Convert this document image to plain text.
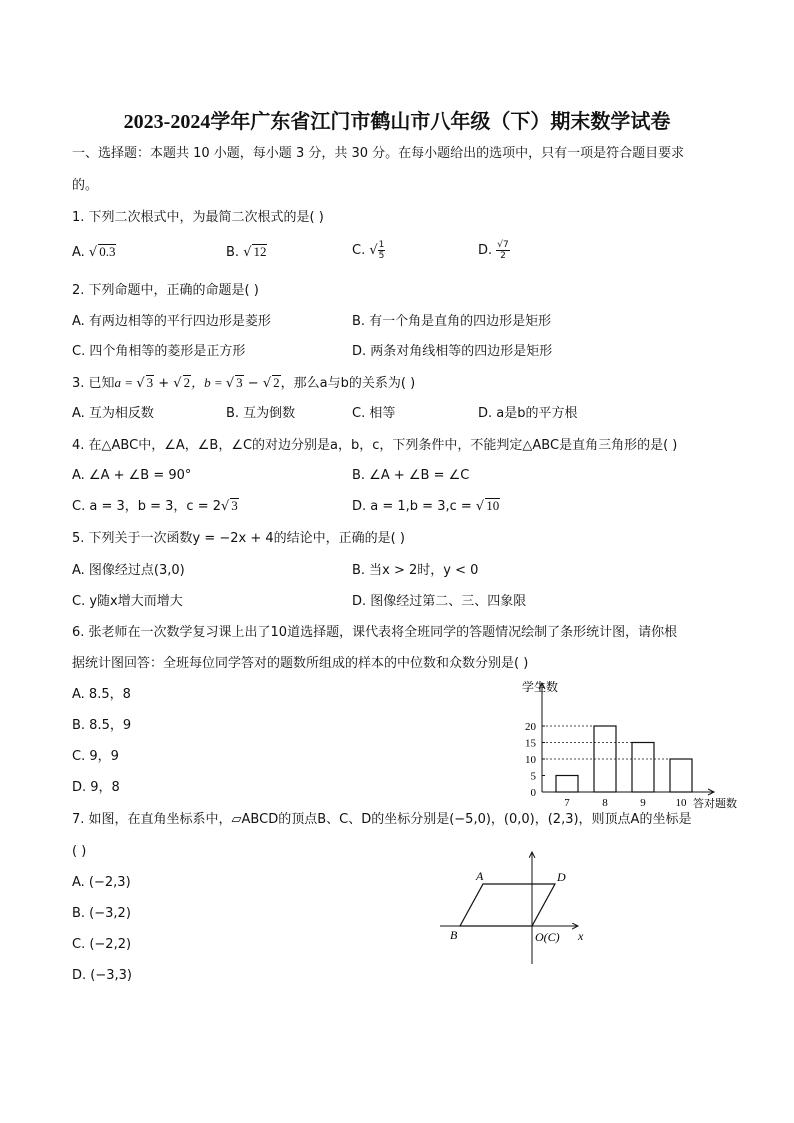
2023-2024学年广东省江门市鹤山市八年级（下）期末数学试卷
一、选择题：本题共 10 小题，每小题 3 分，共 30 分。在每小题给出的选项中，只有一项是符合题目要求
的。
1. 下列二次根式中，为最简二次根式的是( )
A. √ 0.3	B. √ 12	C. √ $\frac{1}{5}$	D. $\frac{√7}{2}$
2. 下列命题中，正确的命题是( )
A. 有两边相等的平行四边形是菱形	B. 有一个角是直角的四边形是矩形
C. 四个角相等的菱形是正方形	D. 两条对角线相等的四边形是矩形
3. 已知a = √ 3 + √ 2，b = √ 3 − √ 2，那么a与b的关系为( )
A. 互为相反数	B. 互为倒数	C. 相等	D. a是b的平方根
4. 在△ABC中，∠A，∠B，∠C的对边分别是a，b，c，下列条件中，不能判定△ABC是直角三角形的是( )
A. ∠A + ∠B = 90°	B. ∠A + ∠B = ∠C
C. a = 3，b = 3，c = 2√ 3	D. a = 1,b = 3,c = √ 10
5. 下列关于一次函数y = −2x + 4的结论中，正确的是( )
A. 图像经过点(3,0)	B. 当x > 2时，y < 0
C. y随x增大而增大	D. 图像经过第二、三、四象限
6. 张老师在一次数学复习课上出了10道选择题，课代表将全班同学的答题情况绘制了条形统计图，请你根
据统计图回答：全班每位同学答对的题数所组成的样本的中位数和众数分别是( )
A. 8.5，8
B. 8.5，9
C. 9，9
D. 9，8
学生数
答对题数
0
5
10
15
20
7	8	9	10
7. 如图，在直角坐标系中，▱ABCD的顶点B、C、D的坐标分别是(−5,0)，(0,0)，(2,3)，则顶点A的坐标是
( )
A. (−2,3)
B. (−3,2)
C. (−2,2)
D. (−3,3)
A	D
B	O(C) x
